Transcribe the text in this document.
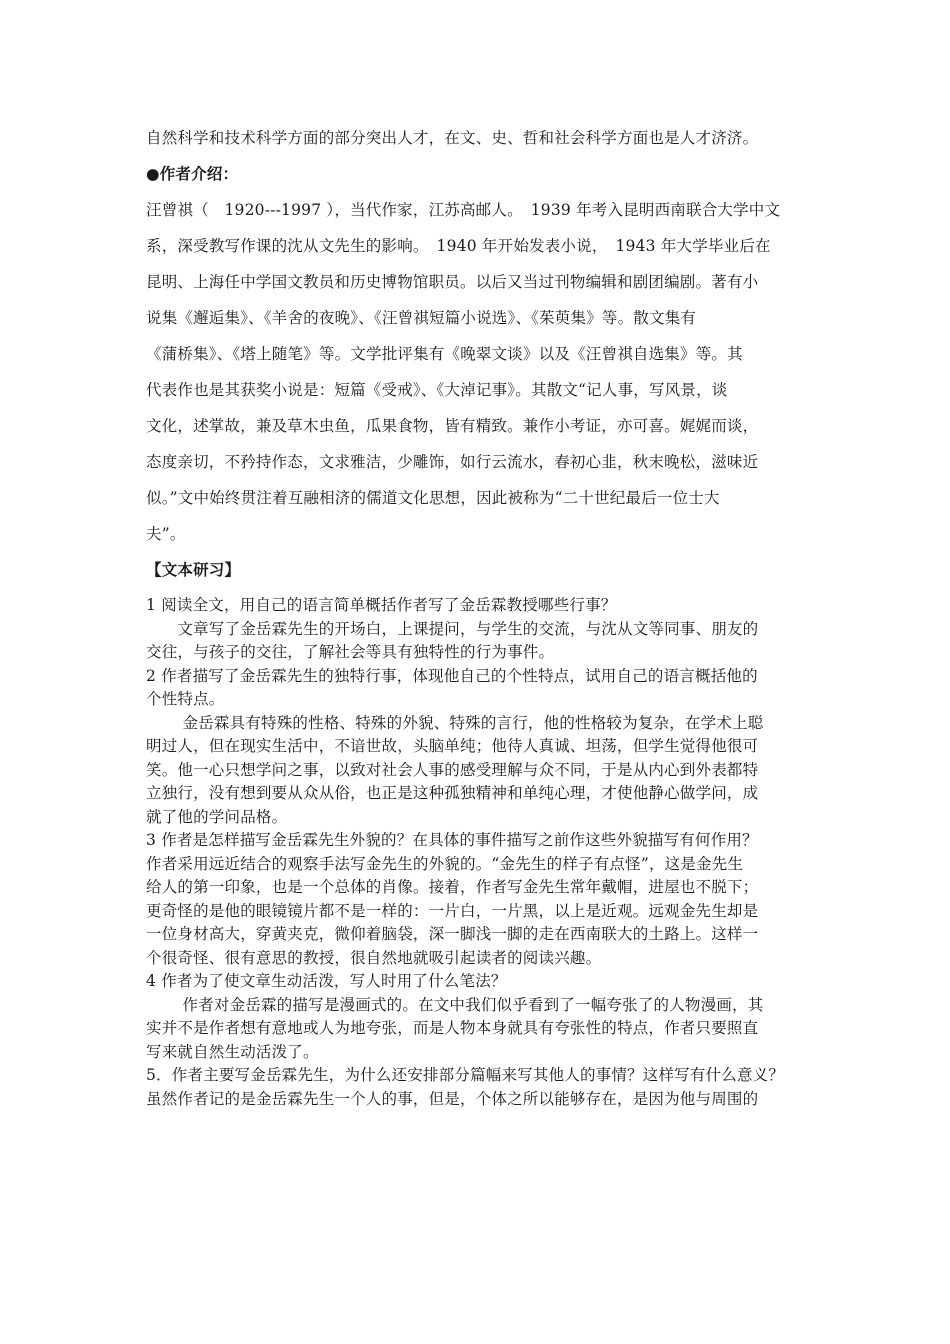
自然科学和技术科学方面的部分突出人才，在文、史、哲和社会科学方面也是人才济济。
●作者介绍：
汪曾祺（　1920---1997 ），当代作家，江苏高邮人。　1939 年考入昆明西南联合大学中文
系，深受教写作课的沈从文先生的影响。　1940 年开始发表小说，　1943 年大学毕业后在
昆明、上海任中学国文教员和历史博物馆职员。以后又当过刊物编辑和剧团编剧。著有小
说集《邂逅集》、《羊舍的夜晚》、《汪曾祺短篇小说选》、《茱萸集》等。散文集有
《蒲桥集》、《塔上随笔》等。文学批评集有《晚翠文谈》以及《汪曾祺自选集》等。其
代表作也是其获奖小说是：短篇《受戒》、《大淖记事》。其散文“记人事，写风景，谈
文化，述掌故，兼及草木虫鱼，瓜果食物，皆有精致。兼作小考证，亦可喜。娓娓而谈，
态度亲切，不矜持作态，文求雅洁，少雕饰，如行云流水，春初心韭，秋末晚松，滋味近
似。”文中始终贯注着互融相济的儒道文化思想，因此被称为“二十世纪最后一位士大
夫”。
【文本研习】
1 阅读全文，用自己的语言简单概括作者写了金岳霖教授哪些行事？
　　文章写了金岳霖先生的开场白，上课提问，与学生的交流，与沈从文等同事、朋友的
交往，与孩子的交往，了解社会等具有独特性的行为事件。
2 作者描写了金岳霖先生的独特行事，体现他自己的个性特点，试用自己的语言概括他的
个性特点。
　　 金岳霖具有特殊的性格、特殊的外貌、特殊的言行，他的性格较为复杂，在学术上聪
明过人，但在现实生活中，不谙世故，头脑单纯；他待人真诚、坦荡，但学生觉得他很可
笑。他一心只想学问之事，以致对社会人事的感受理解与众不同，于是从内心到外表都特
立独行，没有想到要从众从俗，也正是这种孤独精神和单纯心理，才使他静心做学问，成
就了他的学问品格。
3 作者是怎样描写金岳霖先生外貌的？在具体的事件描写之前作这些外貌描写有何作用？
作者采用远近结合的观察手法写金先生的外貌的。“金先生的样子有点怪”，这是金先生
给人的第一印象，也是一个总体的肖像。接着，作者写金先生常年戴帽，进屋也不脱下；
更奇怪的是他的眼镜镜片都不是一样的：一片白，一片黑，以上是近观。远观金先生却是
一位身材高大，穿黄夹克，微仰着脑袋，深一脚浅一脚的走在西南联大的土路上。这样一
个很奇怪、很有意思的教授，很自然地就吸引起读者的阅读兴趣。
4 作者为了使文章生动活泼，写人时用了什么笔法？
　　 作者对金岳霖的描写是漫画式的。在文中我们似乎看到了一幅夸张了的人物漫画，其
实并不是作者想有意地或人为地夸张，而是人物本身就具有夸张性的特点，作者只要照直
写来就自然生动活泼了。
5．作者主要写金岳霖先生，为什么还安排部分篇幅来写其他人的事情？这样写有什么意义？
虽然作者记的是金岳霖先生一个人的事，但是，个体之所以能够存在，是因为他与周围的
